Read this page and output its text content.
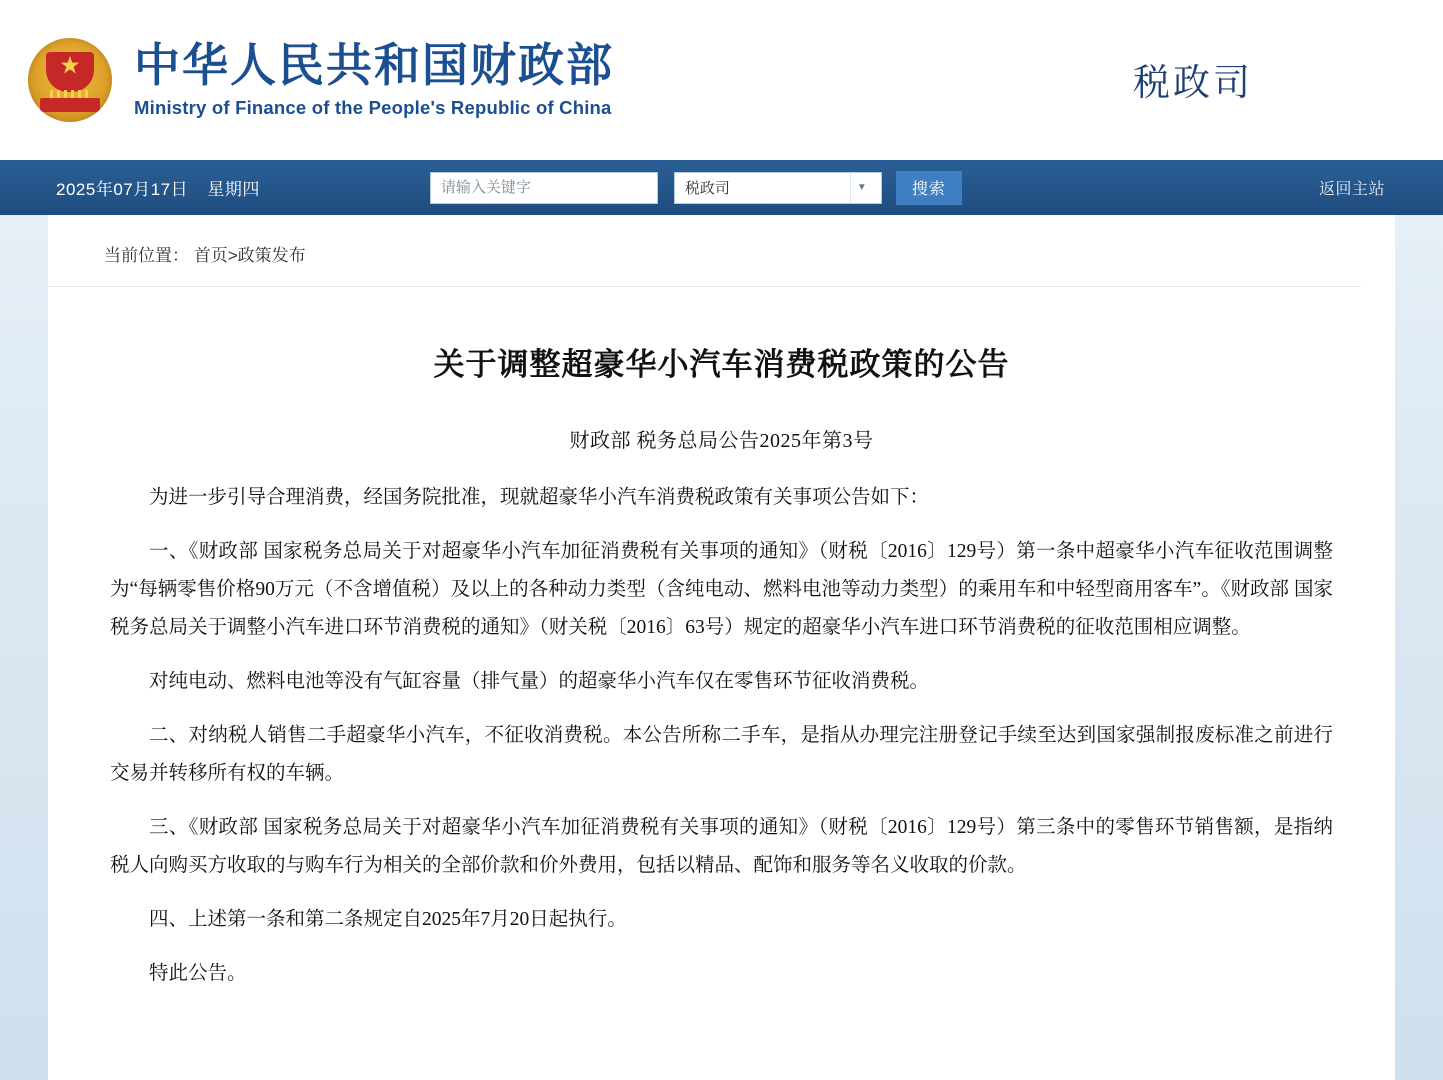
★
中华人民共和国财政部
Ministry of Finance of the People's Republic of China
税政司
2025年07月17日 星期四
请输入关键字	税政司	▼	搜索	返回主站
当前位置： 首页>政策发布
关于调整超豪华小汽车消费税政策的公告
财政部 税务总局公告2025年第3号

为进一步引导合理消费，经国务院批准，现就超豪华小汽车消费税政策有关事项公告如下：

一、《财政部 国家税务总局关于对超豪华小汽车加征消费税有关事项的通知》（财税〔2016〕129号）第一条中超豪华小汽车征收范围调整为“每辆零售价格90万元（不含增值税）及以上的各种动力类型（含纯电动、燃料电池等动力类型）的乘用车和中轻型商用客车”。《财政部 国家税务总局关于调整小汽车进口环节消费税的通知》（财关税〔2016〕63号）规定的超豪华小汽车进口环节消费税的征收范围相应调整。

对纯电动、燃料电池等没有气缸容量（排气量）的超豪华小汽车仅在零售环节征收消费税。

二、对纳税人销售二手超豪华小汽车，不征收消费税。本公告所称二手车，是指从办理完注册登记手续至达到国家强制报废标准之前进行交易并转移所有权的车辆。

三、《财政部 国家税务总局关于对超豪华小汽车加征消费税有关事项的通知》（财税〔2016〕129号）第三条中的零售环节销售额，是指纳税人向购买方收取的与购车行为相关的全部价款和价外费用，包括以精品、配饰和服务等名义收取的价款。

四、上述第一条和第二条规定自2025年7月20日起执行。

特此公告。
